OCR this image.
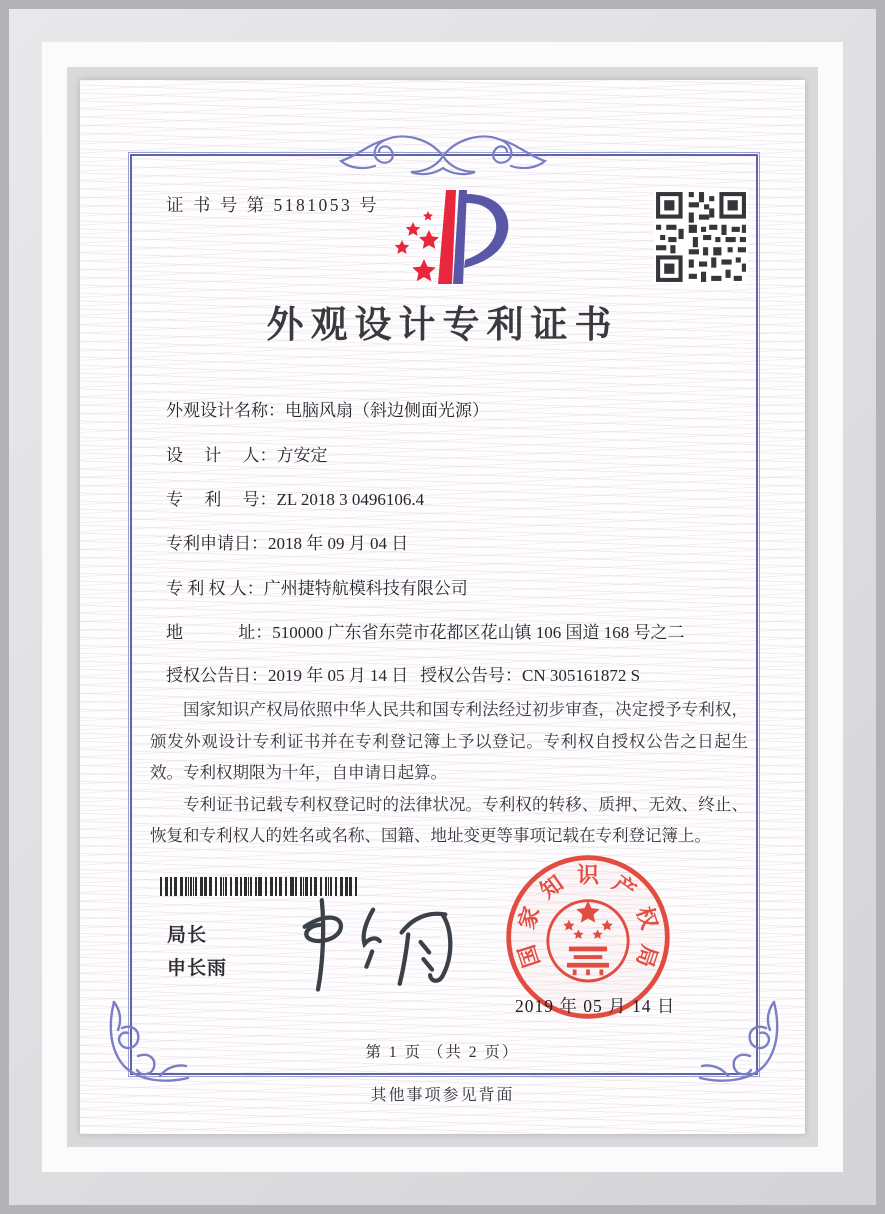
证 书 号 第 5181053 号
外观设计专利证书
外观设计名称：电脑风扇（斜边侧面光源）
设　 计　 人：方安定
专　 利　 号：ZL 2018 3 0496106.4
专利申请日：2018 年 09 月 04 日
专 利 权 人：广州捷特航模科技有限公司
地　　　 址：510000 广东省东莞市花都区花山镇 106 国道 168 号之二
授权公告日：2019 年 05 月 14 日 授权公告号：CN 305161872 S

国家知识产权局依照中华人民共和国专利法经过初步审查，决定授予专利权，颁发外观设计专利证书并在专利登记簿上予以登记。专利权自授权公告之日起生效。专利权期限为十年，自申请日起算。

专利证书记载专利权登记时的法律状况。专利权的转移、质押、无效、终止、恢复和专利权人的姓名或名称、国籍、地址变更等事项记载在专利登记簿上。

局长
申长雨	国
家
知 识 产
权
局
2019 年 05 月 14 日
第 1 页 （共 2 页）
其他事项参见背面
